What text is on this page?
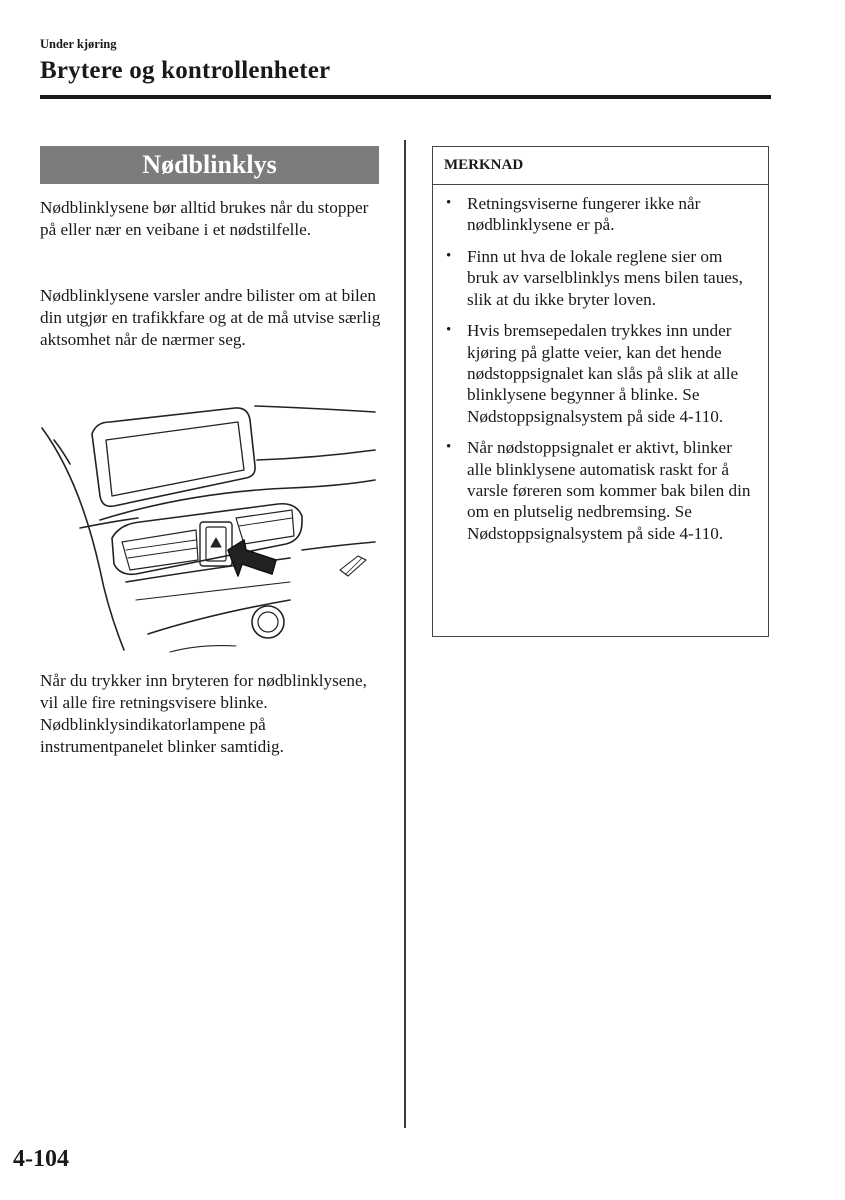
Under kjøring
Brytere og kontrollenheter
Nødblinklys

Nødblinklysene bør alltid brukes når du stopper på eller nær en veibane i et nødstilfelle.

Nødblinklysene varsler andre bilister om at bilen din utgjør en trafikkfare og at de må utvise særlig aktsomhet når de nærmer seg.

Når du trykker inn bryteren for nødblinklysene, vil alle fire retningsvisere blinke. Nødblinklysindikatorlampene på instrumentpanelet blinker samtidig.

MERKNAD
• Retningsviserne fungerer ikke når nødblinklysene er på.
• Finn ut hva de lokale reglene sier om bruk av varselblinklys mens bilen taues, slik at du ikke bryter loven.
• Hvis bremsepedalen trykkes inn under kjøring på glatte veier, kan det hende nødstoppsignalet kan slås på slik at alle blinklysene begynner å blinke. Se Nødstoppsignalsystem på side 4-110.
• Når nødstoppsignalet er aktivt, blinker alle blinklysene automatisk raskt for å varsle føreren som kommer bak bilen din om en plutselig nedbremsing. Se Nødstoppsignalsystem på side 4-110.
4-104
